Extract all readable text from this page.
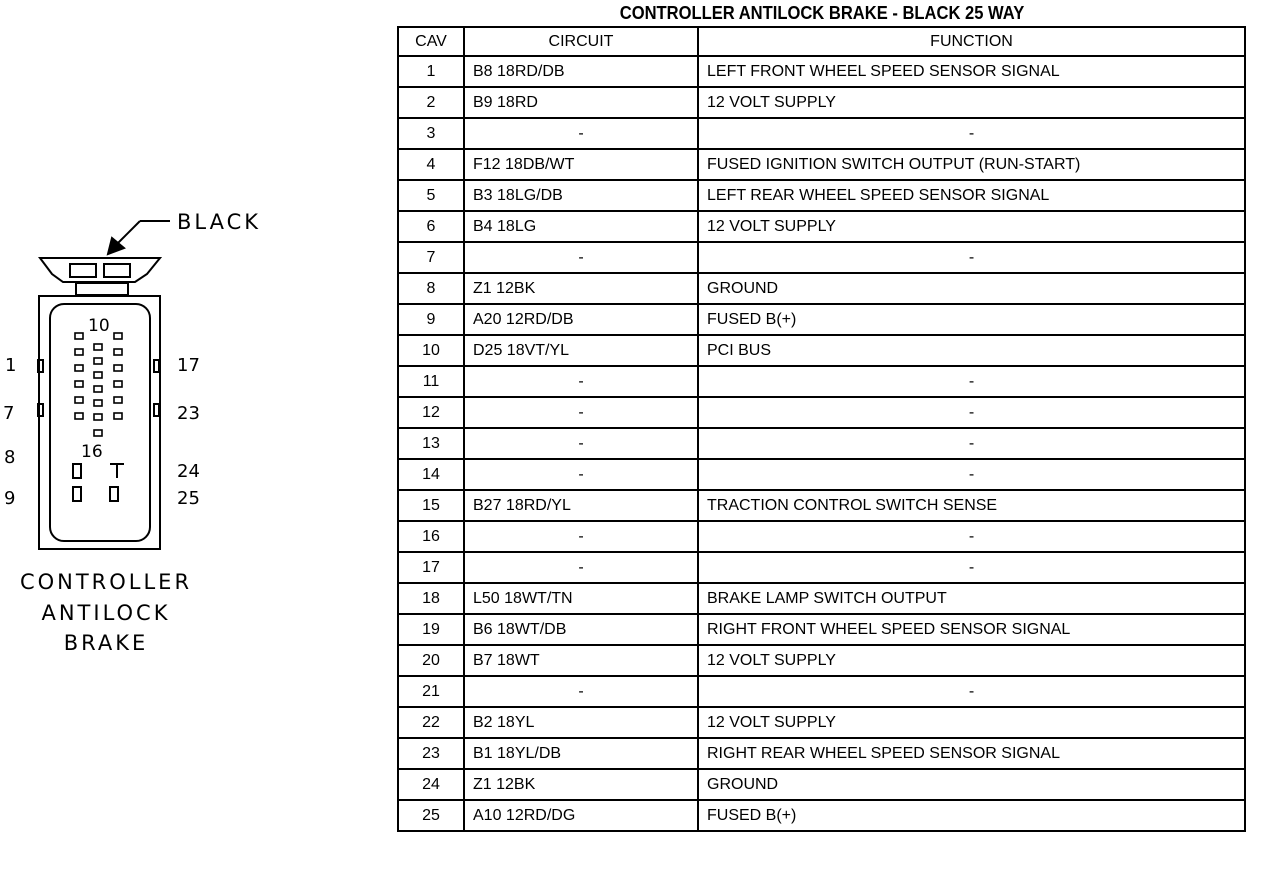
BLACK
1
7
8
9
17
23
24
25
10
16
CONTROLLER
ANTILOCK
BRAKE
CONTROLLER ANTILOCK BRAKE - BLACK 25 WAY
CAV	CIRCUIT	FUNCTION
1	B8 18RD/DB	LEFT FRONT WHEEL SPEED SENSOR SIGNAL
2	B9 18RD	12 VOLT SUPPLY
3	-	-
4	F12 18DB/WT	FUSED IGNITION SWITCH OUTPUT (RUN-START)
5	B3 18LG/DB	LEFT REAR WHEEL SPEED SENSOR SIGNAL
6	B4 18LG	12 VOLT SUPPLY
7	-	-
8	Z1 12BK	GROUND
9	A20 12RD/DB	FUSED B(+)
10	D25 18VT/YL	PCI BUS
11	-	-
12	-	-
13	-	-
14	-	-
15	B27 18RD/YL	TRACTION CONTROL SWITCH SENSE
16	-	-
17	-	-
18	L50 18WT/TN	BRAKE LAMP SWITCH OUTPUT
19	B6 18WT/DB	RIGHT FRONT WHEEL SPEED SENSOR SIGNAL
20	B7 18WT	12 VOLT SUPPLY
21	-	-
22	B2 18YL	12 VOLT SUPPLY
23	B1 18YL/DB	RIGHT REAR WHEEL SPEED SENSOR SIGNAL
24	Z1 12BK	GROUND
25	A10 12RD/DG	FUSED B(+)
